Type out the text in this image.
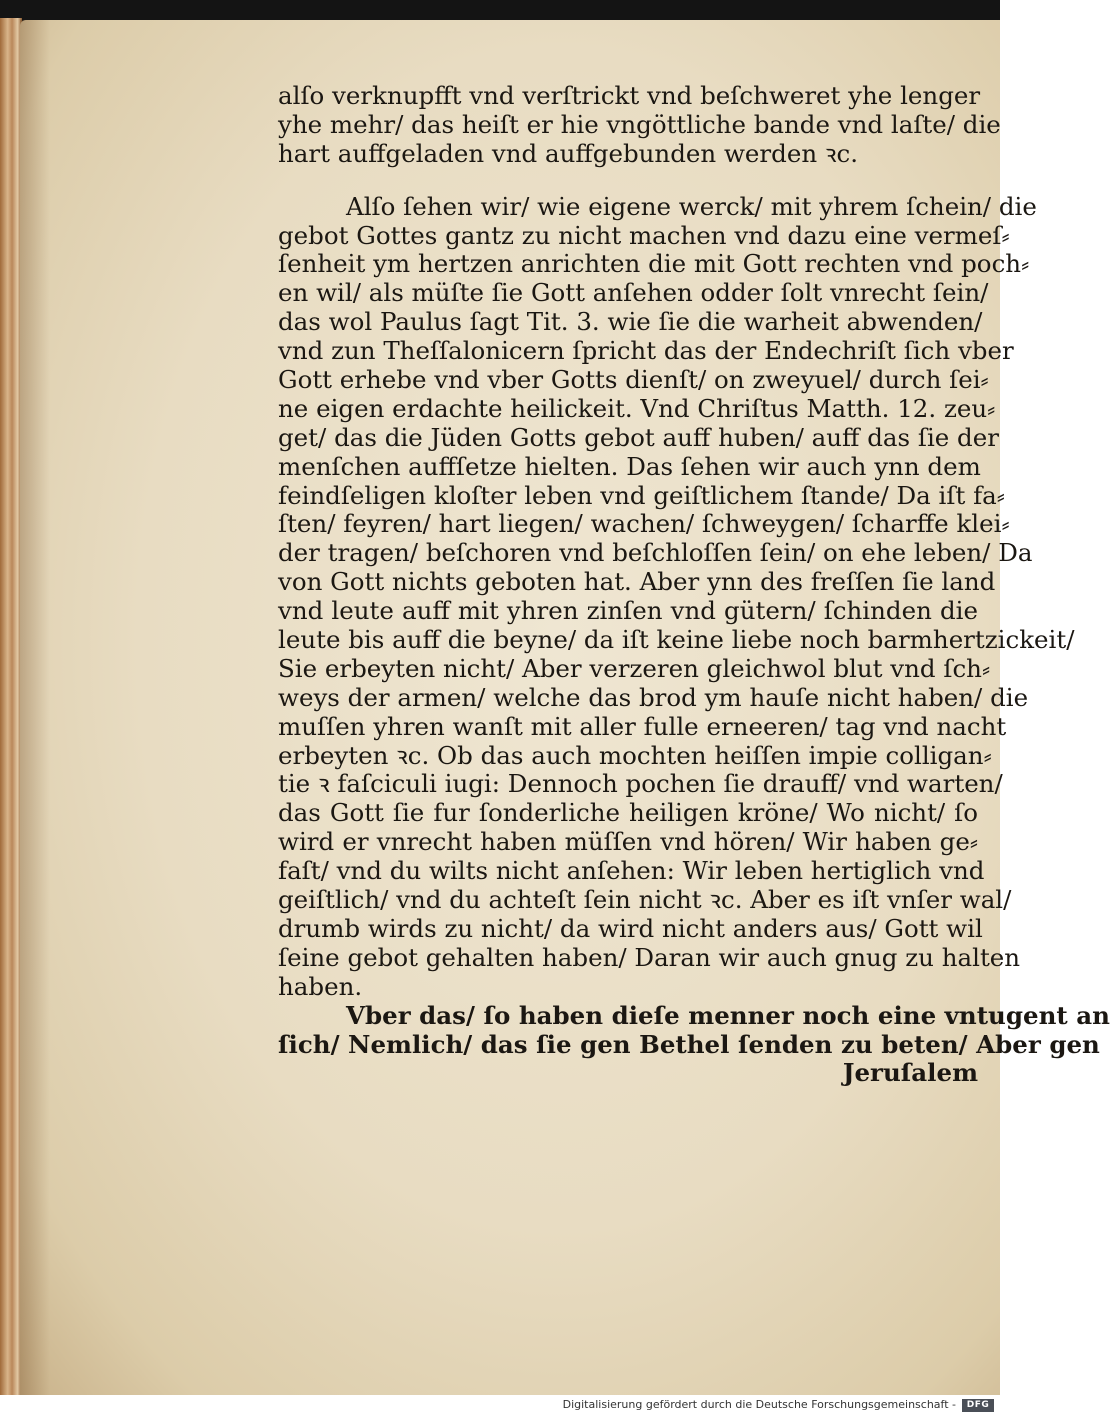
alſo verknupfft vnd verſtrickt vnd beſchweret yhe lenger
yhe mehr/ das heiſt er hie vngöttliche bande vnd laſte/ die
hart auffgeladen vnd auffgebunden werden ꝛc.
Alſo ſehen wir/ wie eigene werck/ mit yhrem ſchein/ die
gebot Gottes gantz zu nicht machen vnd dazu eine vermeſ⸗
ſenheit ym hertzen anrichten die mit Gott rechten vnd poch⸗
en wil/ als müſte ſie Gott anſehen odder ſolt vnrecht ſein/
das wol Paulus ſagt Tit. 3. wie ſie die warheit abwenden/
vnd zun Theſſalonicern ſpricht das der Endechriſt ſich vber
Gott erhebe vnd vber Gotts dienſt/ on zweyuel/ durch ſei⸗
ne eigen erdachte heilickeit. Vnd Chriſtus Matth. 12. zeu⸗
get/ das die Jüden Gotts gebot auff huben/ auff das ſie der
menſchen auffſetze hielten. Das ſehen wir auch ynn dem
feindſeligen kloſter leben vnd geiſtlichem ſtande/ Da iſt fa⸗
ſten/ feyren/ hart liegen/ wachen/ ſchweygen/ ſcharffe klei⸗
der tragen/ beſchoren vnd beſchloſſen ſein/ on ehe leben/ Da
von Gott nichts geboten hat. Aber ynn des freſſen ſie land
vnd leute auff mit yhren zinſen vnd gütern/ ſchinden die
leute bis auff die beyne/ da iſt keine liebe noch barmhertzickeit/
Sie erbeyten nicht/ Aber verzeren gleichwol blut vnd ſch⸗
weys der armen/ welche das brod ym hauſe nicht haben/ die
muſſen yhren wanſt mit aller fulle erneeren/ tag vnd nacht
erbeyten ꝛc. Ob das auch mochten heiſſen impie colligan⸗
tie ꝛ faſciculi iugi: Dennoch pochen ſie drauff/ vnd warten/
das Gott ſie fur ſonderliche heiligen kröne/ Wo nicht/ ſo
wird er vnrecht haben müſſen vnd hören/ Wir haben ge⸗
faſt/ vnd du wilts nicht anſehen: Wir leben hertiglich vnd
geiſtlich/ vnd du achteſt ſein nicht ꝛc. Aber es iſt vnſer wal/
drumb wirds zu nicht/ da wird nicht anders aus/ Gott wil
ſeine gebot gehalten haben/ Daran wir auch gnug zu halten
haben.
Vber das/ ſo haben dieſe menner noch eine vntugent an
ſich/ Nemlich/ das ſie gen Bethel ſenden zu beten/ Aber gen
Jeruſalem
Digitalisierung gefördert durch die Deutsche Forschungsgemeinschaft -	DFG
